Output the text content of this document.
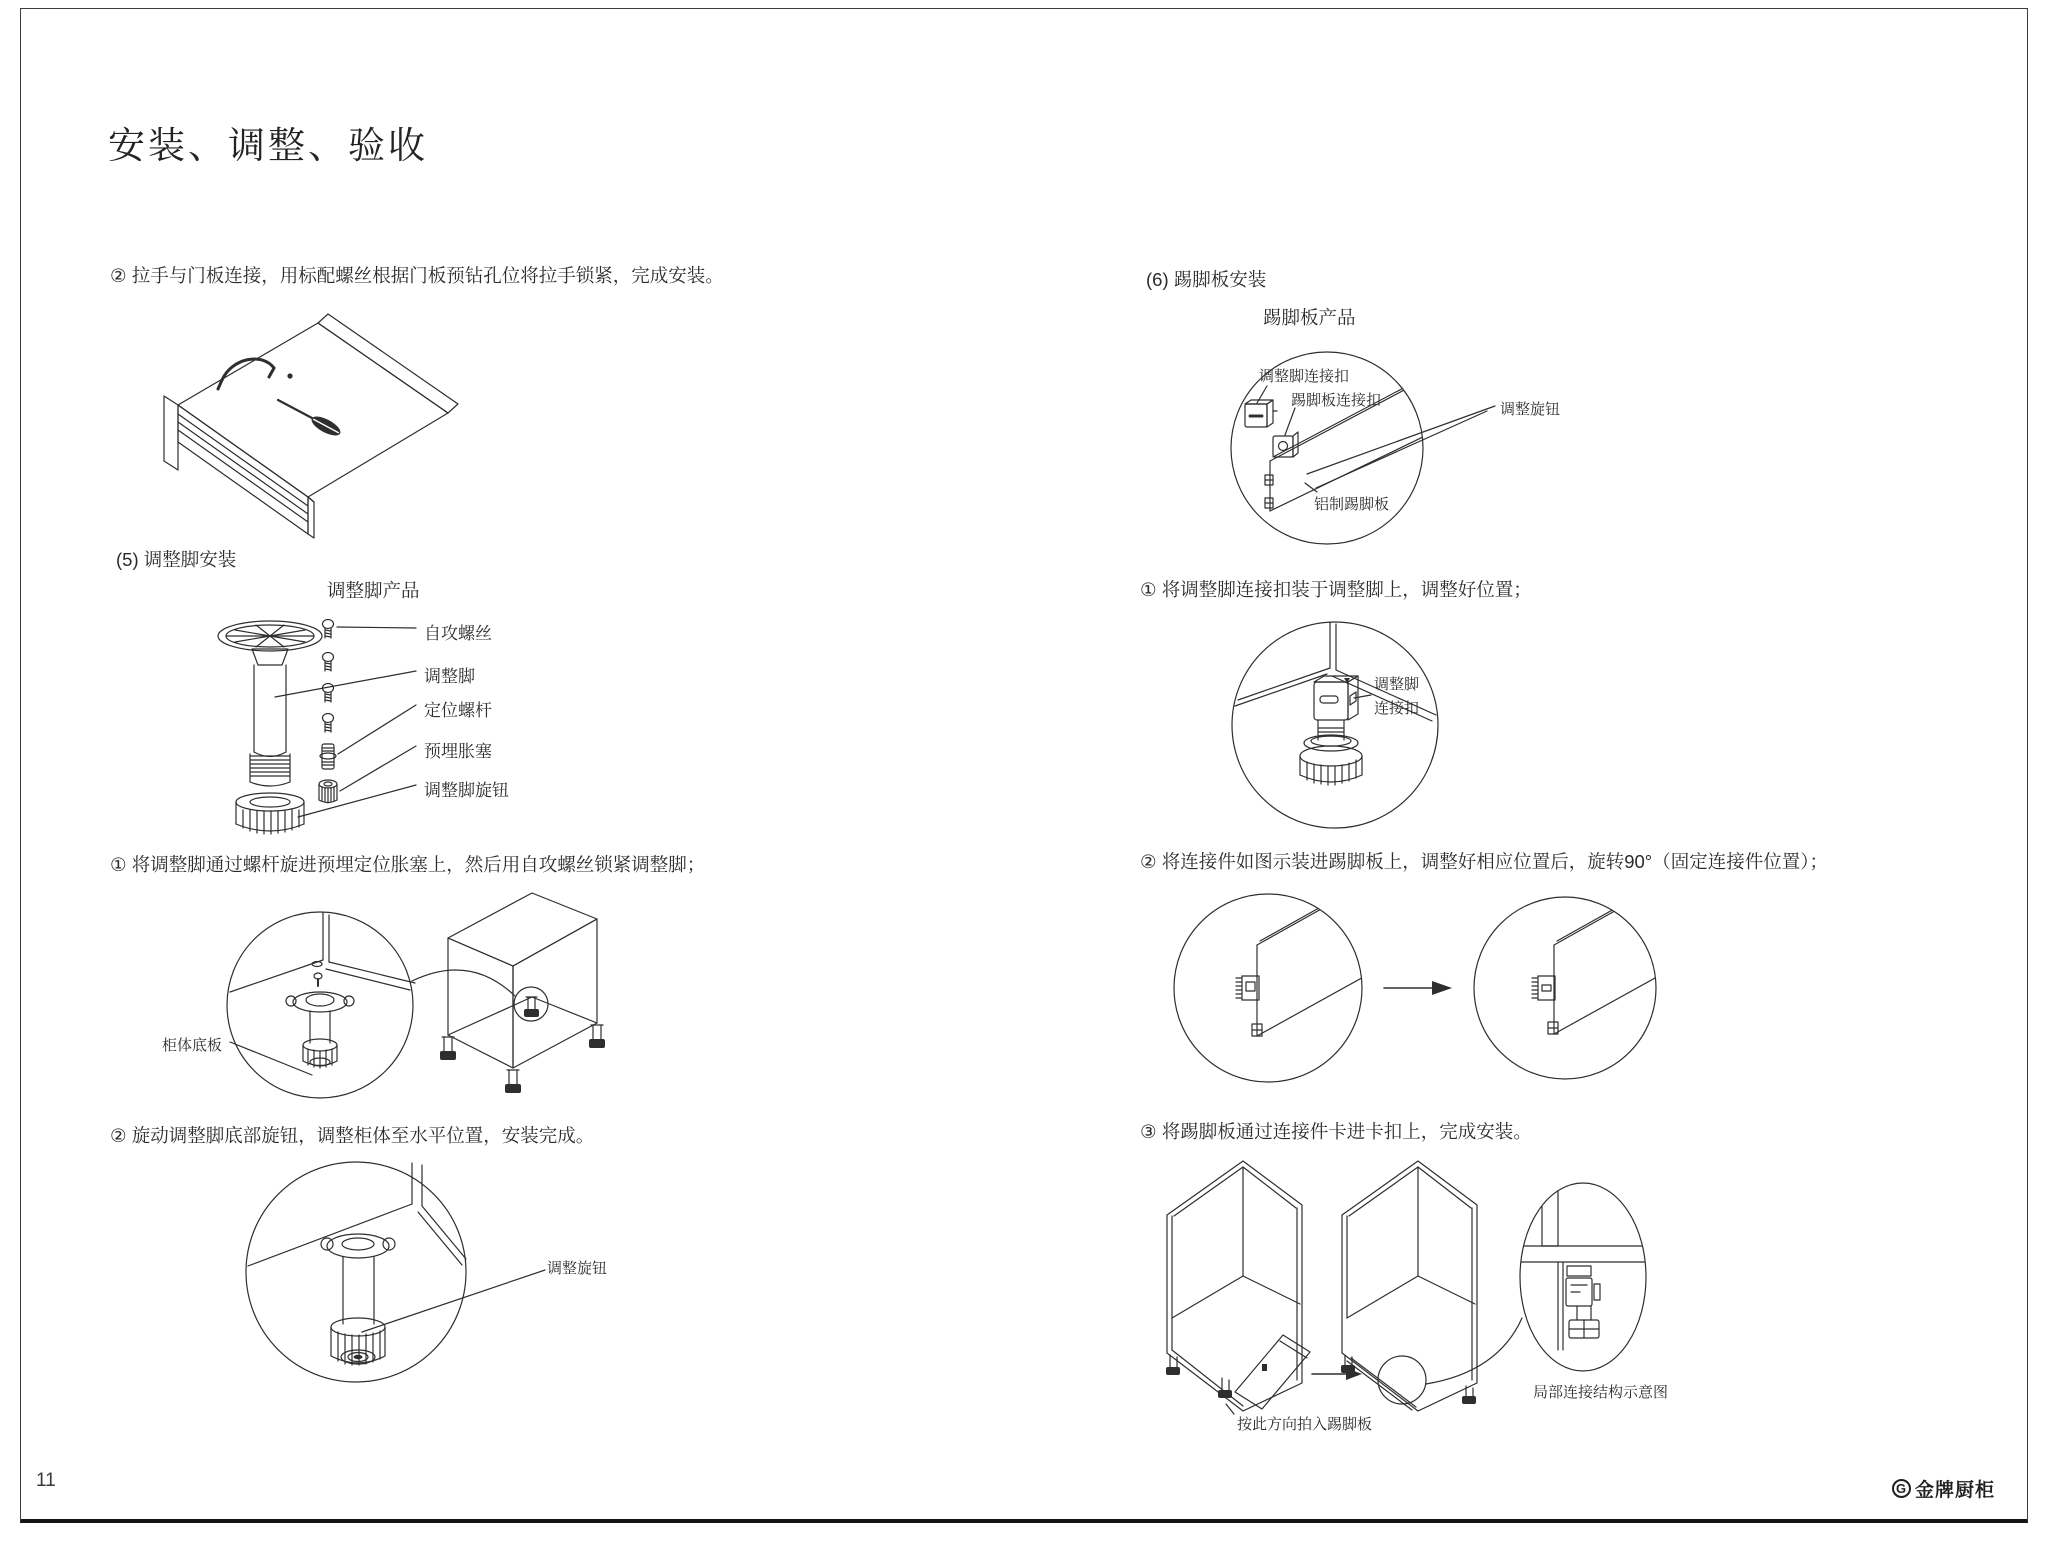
安装、调整、验收
② 拉手与门板连接，用标配螺丝根据门板预钻孔位将拉手锁紧，完成安装。
(5) 调整脚安装
调整脚产品
自攻螺丝
调整脚
定位螺杆
预埋胀塞
调整脚旋钮
① 将调整脚通过螺杆旋进预埋定位胀塞上，然后用自攻螺丝锁紧调整脚；
柜体底板
② 旋动调整脚底部旋钮，调整柜体至水平位置，安装完成。
调整旋钮
(6) 踢脚板安装
踢脚板产品
调整脚连接扣
踢脚板连接扣
调整旋钮
铝制踢脚板
① 将调整脚连接扣装于调整脚上，调整好位置；
调整脚
连接扣
② 将连接件如图示装进踢脚板上，调整好相应位置后，旋转90°（固定连接件位置）；
③ 将踢脚板通过连接件卡进卡扣上，完成安装。
按此方向拍入踢脚板
局部连接结构示意图
11	G 金牌厨柜
